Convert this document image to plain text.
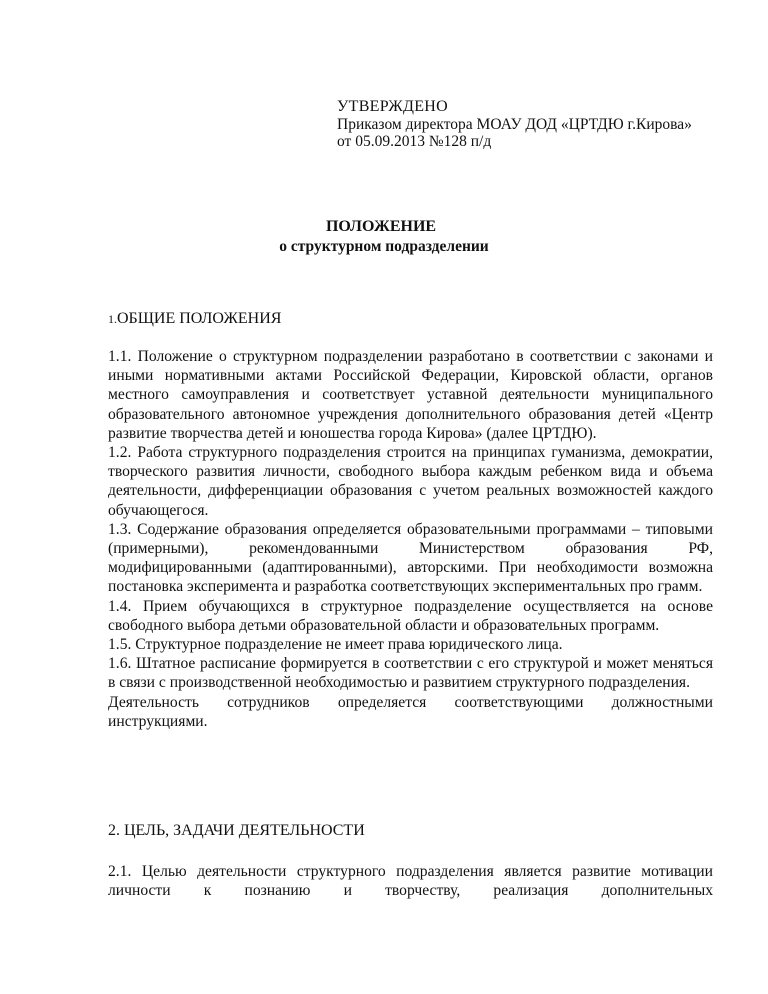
УТВЕРЖДЕНО
Приказом директора МОАУ ДОД «ЦРТДЮ г.Кирова»
от 05.09.2013 №128 п/д
ПОЛОЖЕНИЕ
о структурном подразделении
1.ОБЩИЕ ПОЛОЖЕНИЯ

1.1. Положение о структурном подразделении разработано в соответствии с законами и иными нормативными актами Российской Федерации, Кировской области, органов местного самоуправления и соответствует уставной деятельности муниципального образовательного автономное учреждения дополнительного образования детей «Центр развитие творчества детей и юношества города Кирова» (далее ЦРТДЮ).

1.2. Работа структурного подразделения строится на принципах гуманизма, демократии, творческого развития личности, свободного выбора каждым ребенком вида и объема деятельности, дифференциации образования с учетом реальных возможностей каждого обучающегося.

1.3. Содержание образования определяется образовательными программами – типовыми (примерными), рекомендованными Министерством образования РФ, модифицированными (адаптированными), авторскими. При необходимости возможна постановка эксперимента и разработка соответствующих экспериментальных про грамм.

1.4. Прием обучающихся в структурное подразделение осуществляется на основе свободного выбора детьми образовательной области и образовательных программ.

1.5. Структурное подразделение не имеет права юридического лица.

1.6. Штатное расписание формируется в соответствии с его структурой и может меняться в связи с производственной необходимостью и развитием структурного подразделения.

Деятельность сотрудников определяется соответствующими должностными инструкциями.

2. ЦЕЛЬ, ЗАДАЧИ ДЕЯТЕЛЬНОСТИ

2.1. Целью деятельности структурного подразделения является развитие мотивации личности к познанию и творчеству, реализация дополнительных
